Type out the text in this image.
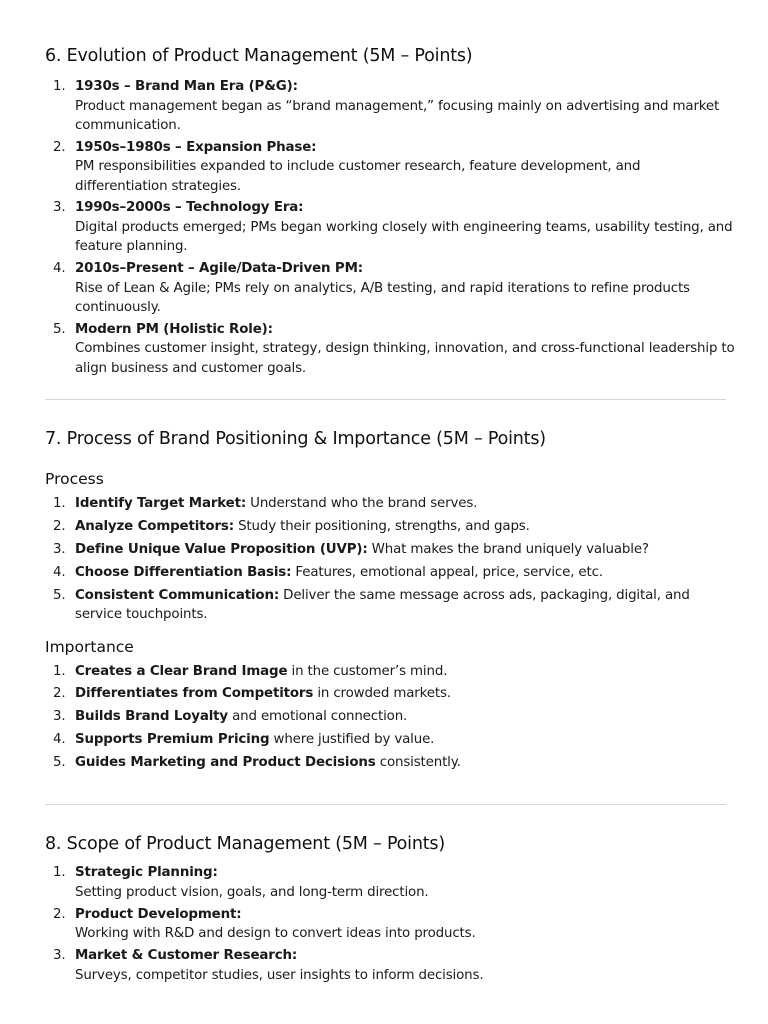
6. Evolution of Product Management (5M – Points)
1. 1930s – Brand Man Era (P&G):
Product management began as “brand management,” focusing mainly on advertising and market communication.
2. 1950s–1980s – Expansion Phase:
PM responsibilities expanded to include customer research, feature development, and differentiation strategies.
3. 1990s–2000s – Technology Era:
Digital products emerged; PMs began working closely with engineering teams, usability testing, and feature planning.
4. 2010s–Present – Agile/Data-Driven PM:
Rise of Lean & Agile; PMs rely on analytics, A/B testing, and rapid iterations to refine products continuously.
5. Modern PM (Holistic Role):
Combines customer insight, strategy, design thinking, innovation, and cross-functional leadership to align business and customer goals.
7. Process of Brand Positioning & Importance (5M – Points)
Process
1. Identify Target Market: Understand who the brand serves.
2. Analyze Competitors: Study their positioning, strengths, and gaps.
3. Define Unique Value Proposition (UVP): What makes the brand uniquely valuable?
4. Choose Differentiation Basis: Features, emotional appeal, price, service, etc.
5. Consistent Communication: Deliver the same message across ads, packaging, digital, and service touchpoints.
Importance
1. Creates a Clear Brand Image in the customer’s mind.
2. Differentiates from Competitors in crowded markets.
3. Builds Brand Loyalty and emotional connection.
4. Supports Premium Pricing where justified by value.
5. Guides Marketing and Product Decisions consistently.
8. Scope of Product Management (5M – Points)
1. Strategic Planning:
Setting product vision, goals, and long-term direction.
2. Product Development:
Working with R&D and design to convert ideas into products.
3. Market & Customer Research:
Surveys, competitor studies, user insights to inform decisions.
